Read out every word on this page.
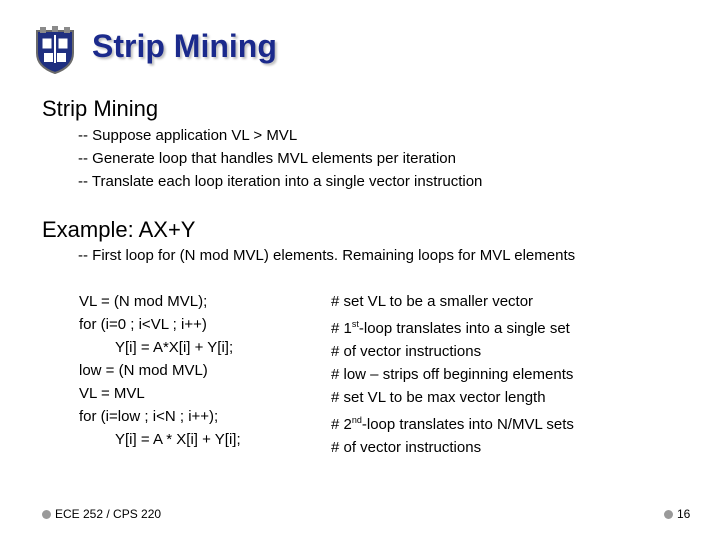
Strip Mining
Strip Mining
-- Suppose application VL > MVL
-- Generate loop that handles MVL elements per iteration
-- Translate each loop iteration into a single vector instruction
Example: AX+Y
-- First loop for (N mod MVL) elements. Remaining loops for MVL elements
VL = (N mod MVL);
for (i=0 ; i<VL ; i++)
Y[i] = A*X[i] + Y[i];
low = (N mod MVL)
VL = MVL
for (i=low ; i<N ; i++);
Y[i] = A * X[i] + Y[i];
# set VL to be a smaller vector
# 1st-loop translates into a single set
# of vector instructions
# low – strips off beginning elements
# set VL to be max vector length
# 2nd-loop translates into N/MVL sets
# of vector instructions
ECE 252 / CPS 220	16
